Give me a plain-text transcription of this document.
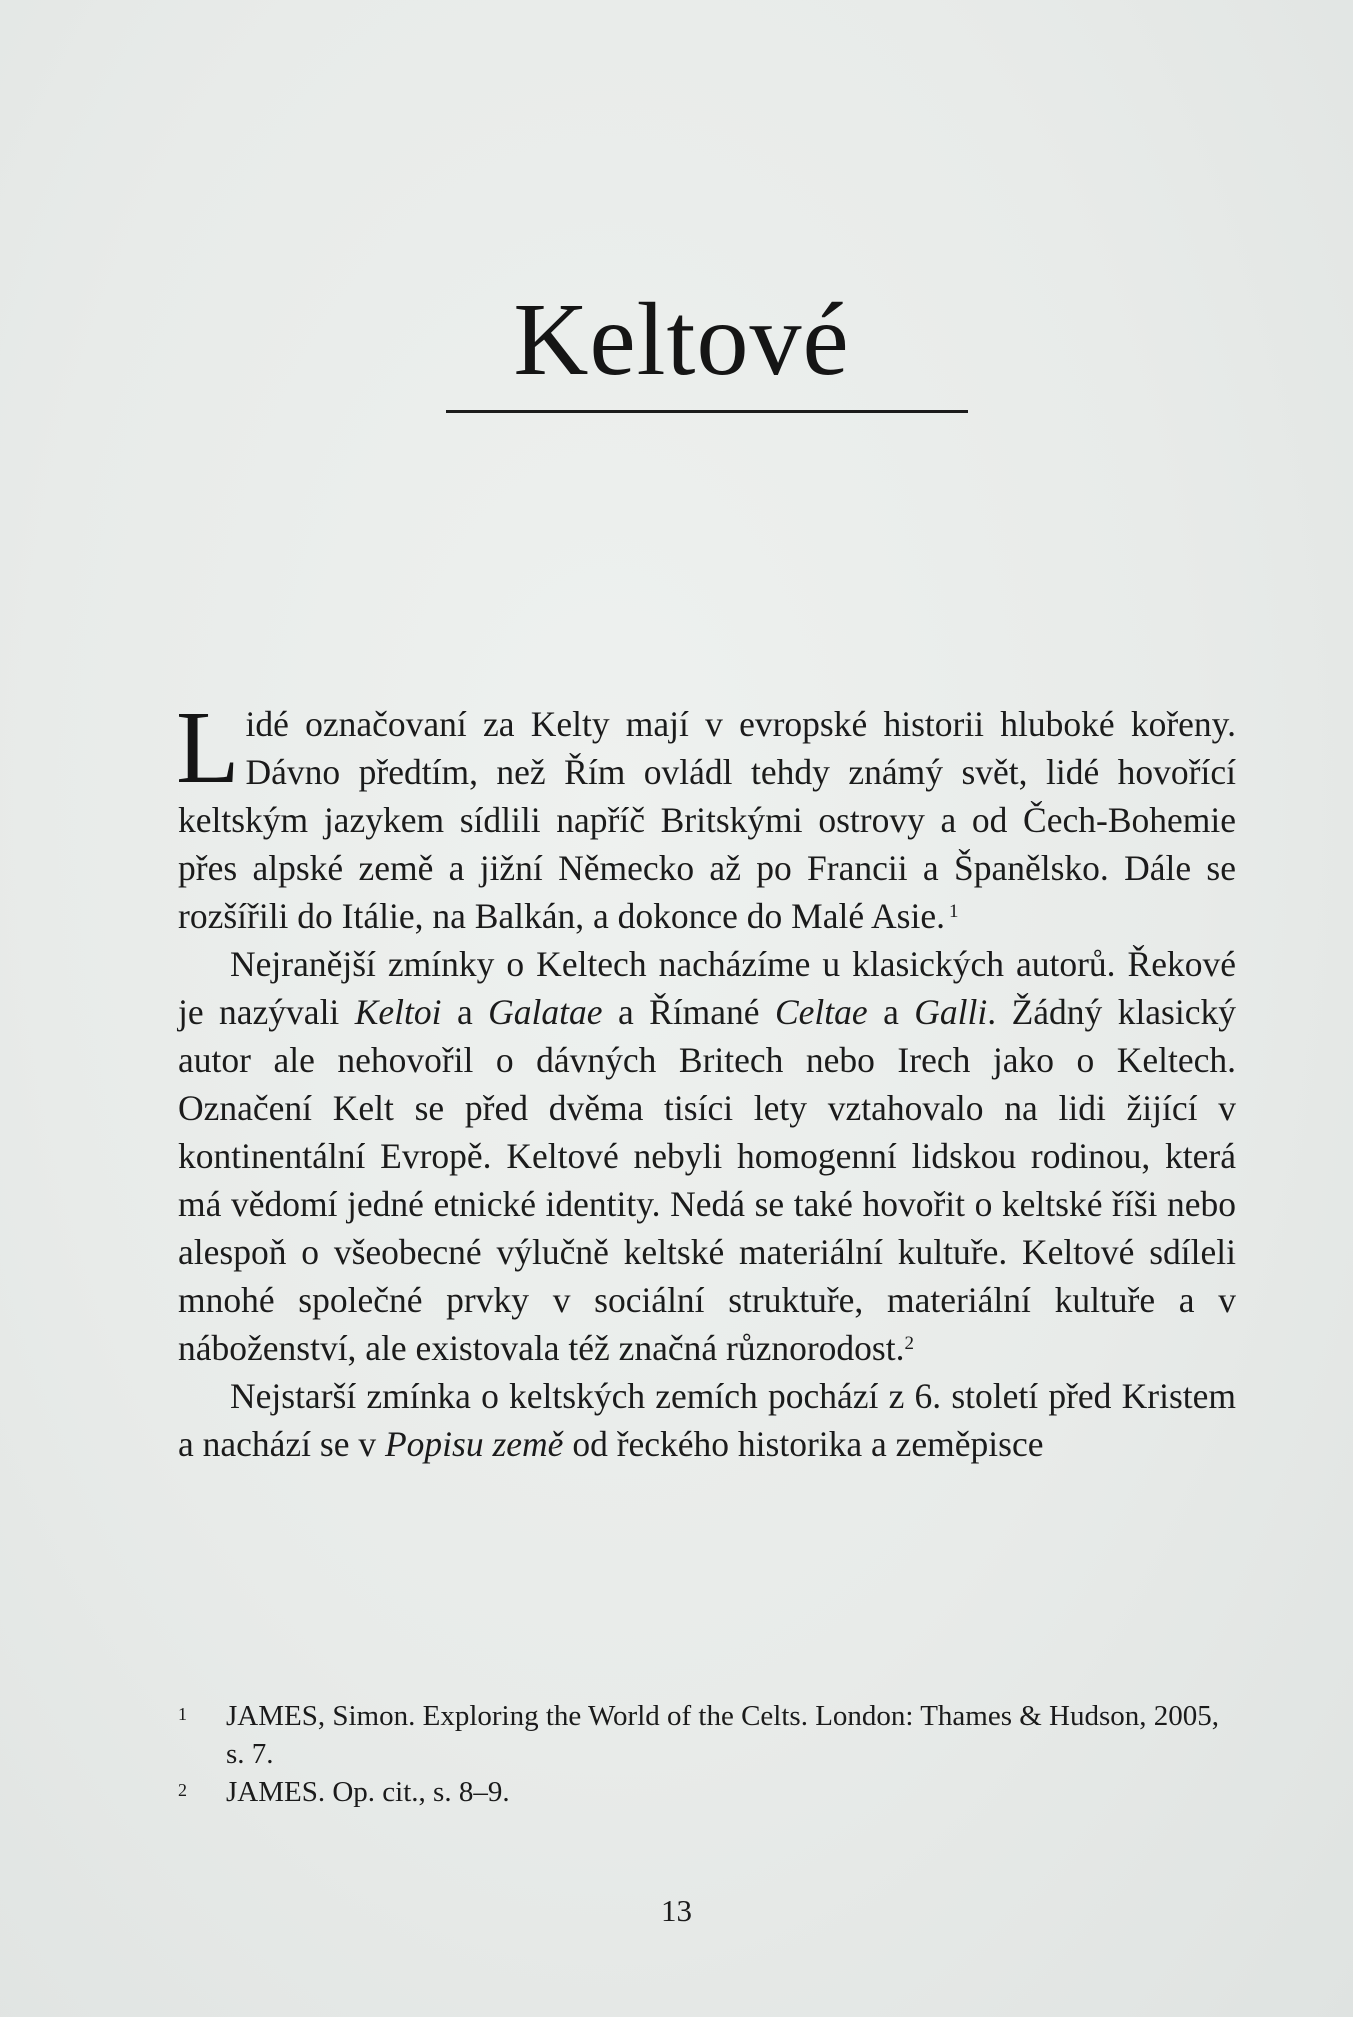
Keltové

Lidé označovaní za Kelty mají v evropské historii hluboké kořeny. Dávno předtím, než Řím ovládl tehdy známý svět, lidé hovořící keltským jazykem sídlili napříč Britskými ostrovy a od Čech-Bohemie přes alpské země a jižní Německo až po Francii a Španělsko. Dále se rozšířili do Itálie, na Balkán, a dokonce do Malé Asie. $^1$

Nejranější zmínky o Keltech nacházíme u klasických autorů. Řekové je nazývali Keltoi a Galatae a Římané Celtae a Galli. Žádný klasický autor ale nehovořil o dávných Britech nebo Irech jako o Keltech. Označení Kelt se před dvěma tisíci lety vztahovalo na lidi žijící v kontinentální Evropě. Keltové nebyli homogenní lidskou rodinou, která má vědomí jedné etnické identity. Nedá se také hovořit o keltské říši nebo alespoň o všeobecné výlučně keltské materiální kultuře. Keltové sdíleli mnohé společné prvky v sociální struktuře, materiální kultuře a v náboženství, ale existovala též značná různorodost.$^2$

Nejstarší zmínka o keltských zemích pochází z 6. století před Kristem a nachází se v Popisu země od řeckého historika a zeměpisce

1 JAMES, Simon. Exploring the World of the Celts. London: Thames & Hudson, 2005, s. 7.
2 JAMES. Op. cit., s. 8–9.
13
